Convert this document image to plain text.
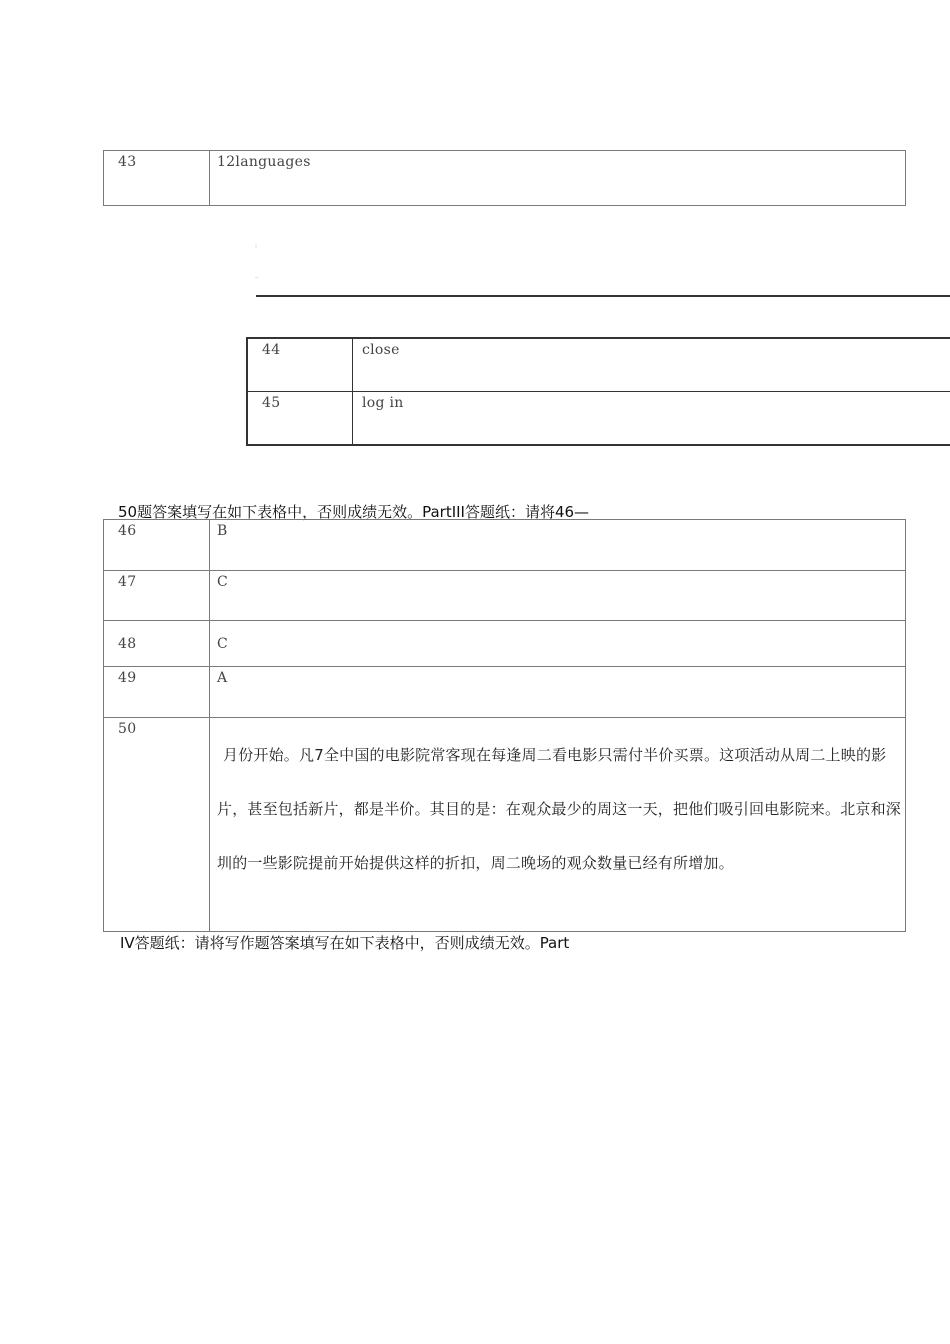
43	12languages
:
..
44	close

45	log in
50题答案填写在如下表格中，否则成绩无效。PartIII答题纸：请将46—
46	B

47	C

48	C

49	A

50	月份开始。凡7全中国的电影院常客现在每逢周二看电影只需付半价买票。这项活动从周二上映的影片，甚至包括新片，都是半价。其目的是：在观众最少的周这一天，把他们吸引回电影院来。北京和深圳的一些影院提前开始提供这样的折扣，周二晚场的观众数量已经有所增加。
IV答题纸：请将写作题答案填写在如下表格中，否则成绩无效。Part
